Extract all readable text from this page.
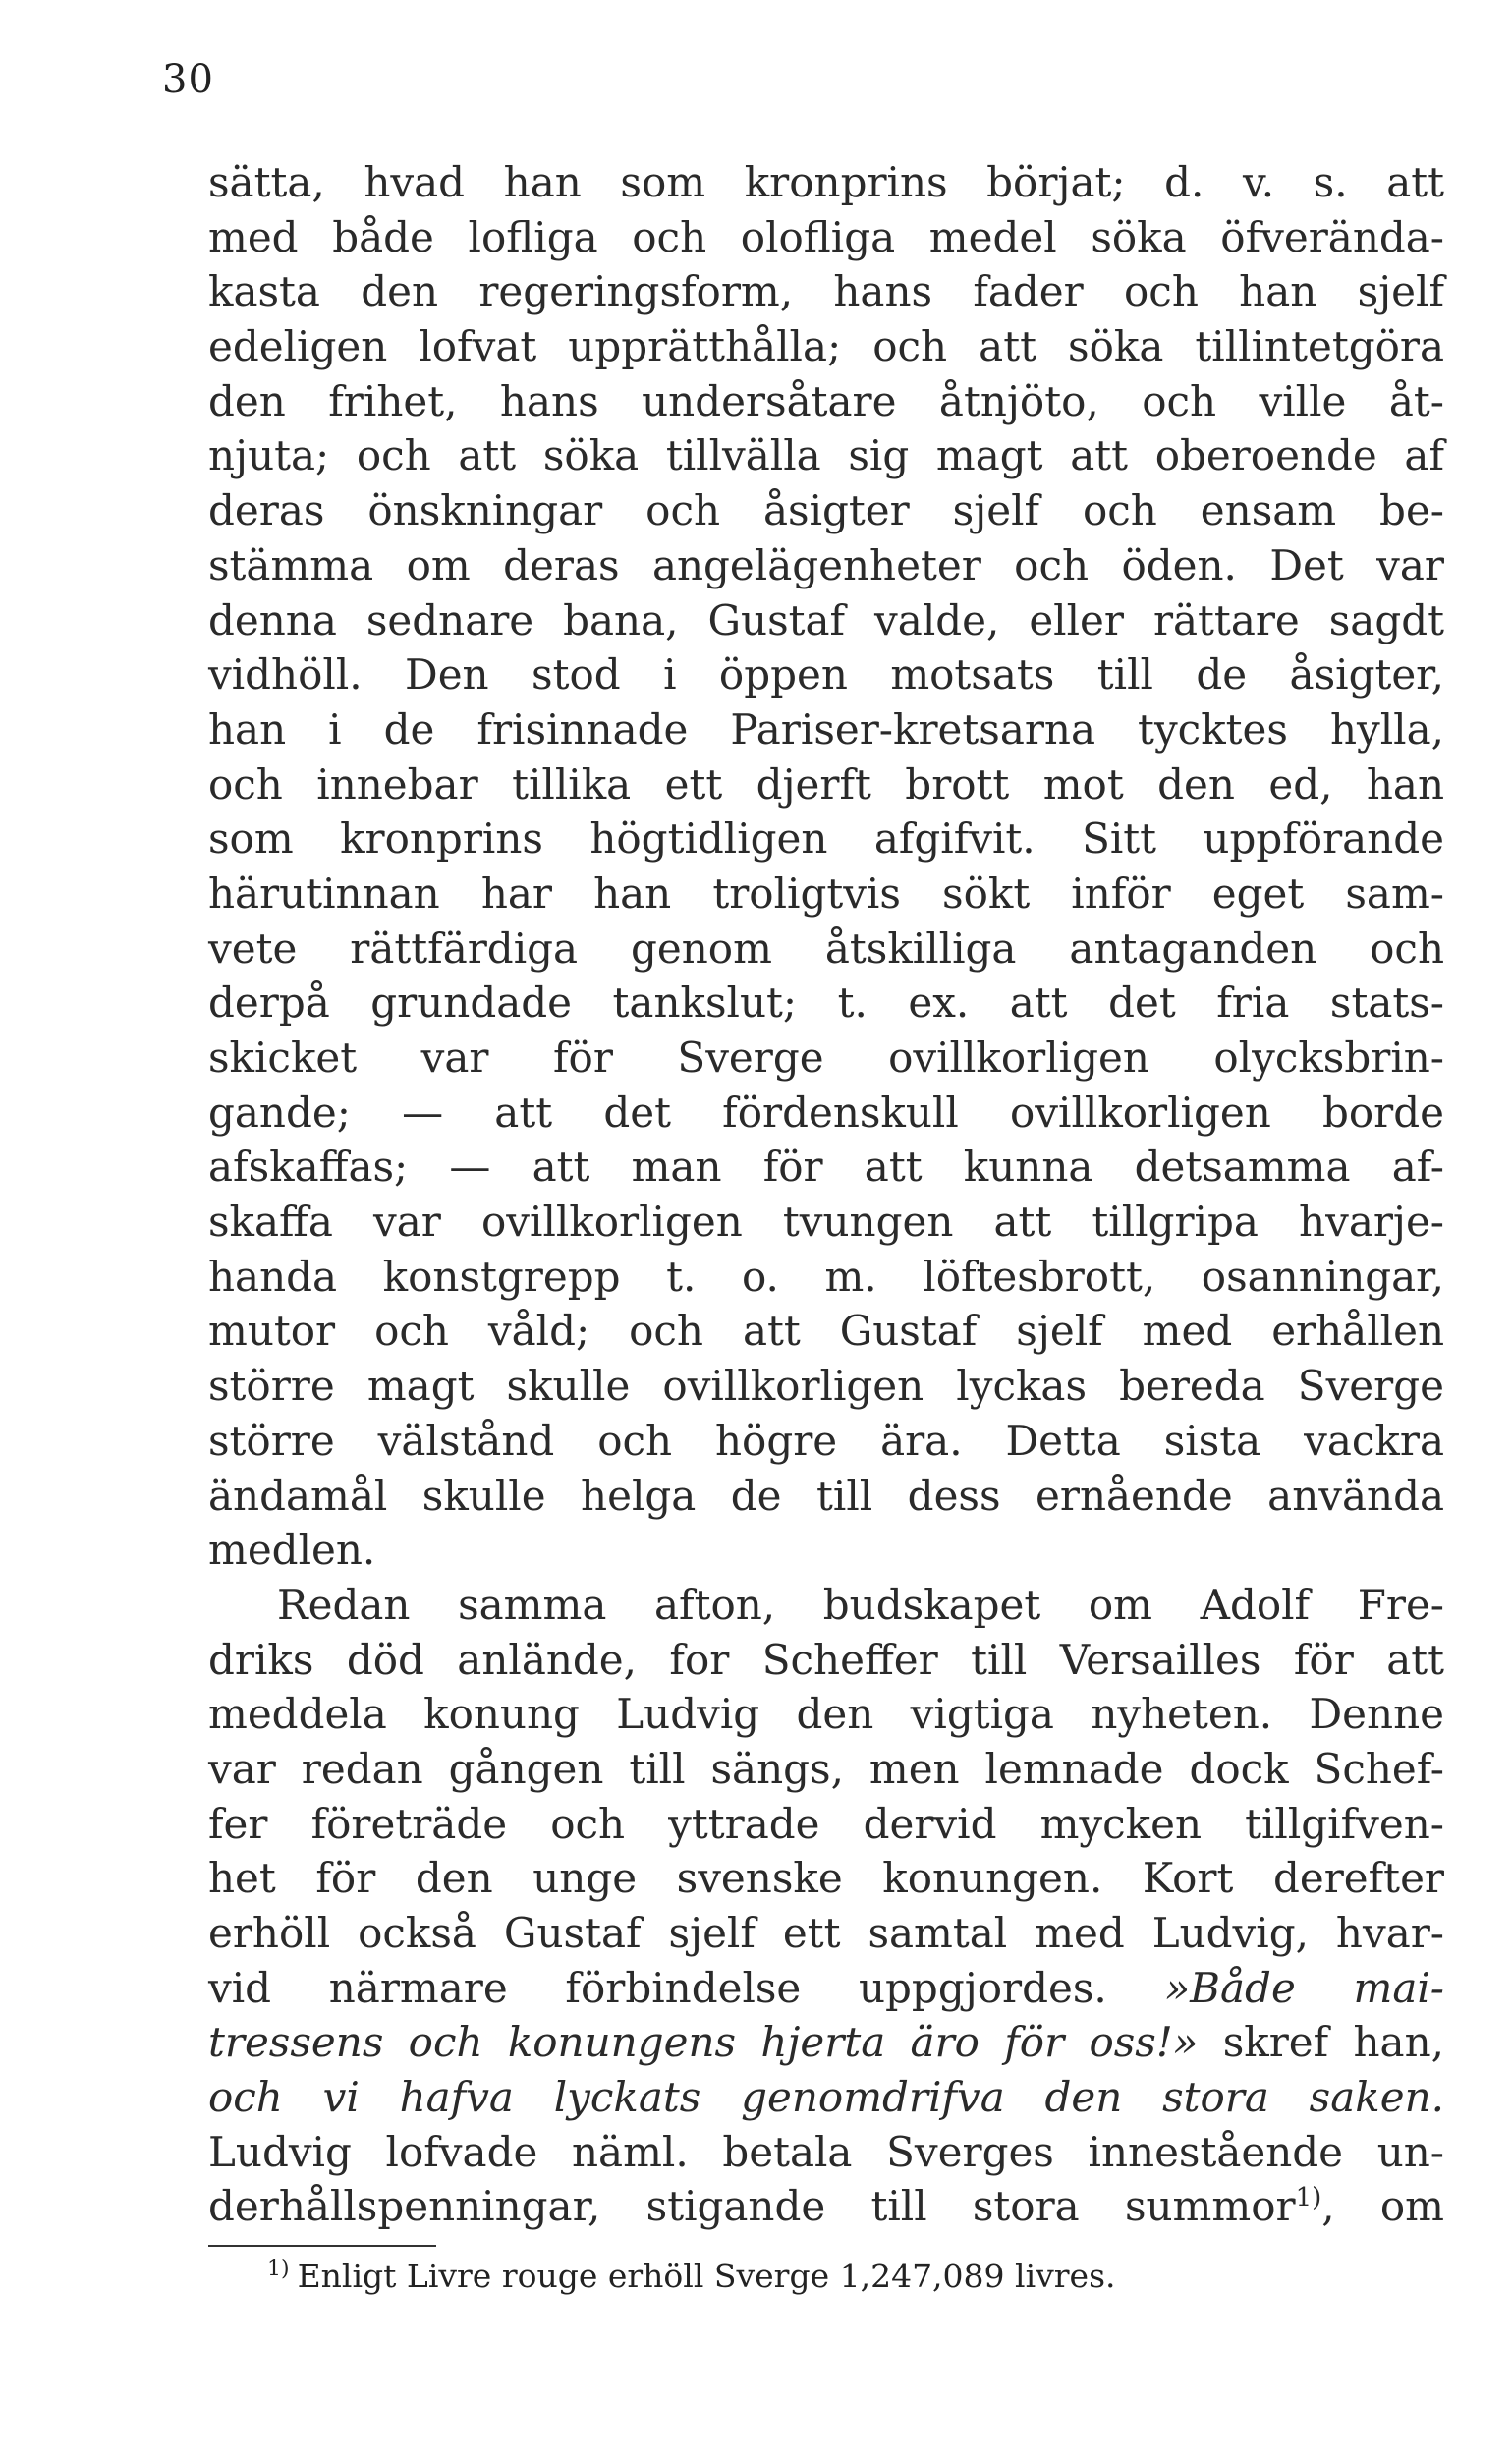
30
sätta, hvad han som kronprins börjat; d. v. s. att
med både lofliga och olofliga medel söka öfverända-
kasta den regeringsform, hans fader och han sjelf
edeligen lofvat upprätthålla; och att söka tillintetgöra
den frihet, hans undersåtare åtnjöto, och ville åt-
njuta; och att söka tillvälla sig magt att oberoende af
deras önskningar och åsigter sjelf och ensam be-
stämma om deras angelägenheter och öden. Det var
denna sednare bana, Gustaf valde, eller rättare sagdt
vidhöll. Den stod i öppen motsats till de åsigter,
han i de frisinnade Pariser-kretsarna tycktes hylla,
och innebar tillika ett djerft brott mot den ed, han
som kronprins högtidligen afgifvit. Sitt uppförande
härutinnan har han troligtvis sökt inför eget sam-
vete rättfärdiga genom åtskilliga antaganden och
derpå grundade tankslut; t. ex. att det fria stats-
skicket var för Sverge ovillkorligen olycksbrin-
gande; — att det fördenskull ovillkorligen borde
afskaffas; — att man för att kunna detsamma af-
skaffa var ovillkorligen tvungen att tillgripa hvarje-
handa konstgrepp t. o. m. löftesbrott, osanningar,
mutor och våld; och att Gustaf sjelf med erhållen
större magt skulle ovillkorligen lyckas bereda Sverge
större välstånd och högre ära. Detta sista vackra
ändamål skulle helga de till dess ernående använda
medlen.
Redan samma afton, budskapet om Adolf Fre-
driks död anlände, for Scheffer till Versailles för att
meddela konung Ludvig den vigtiga nyheten. Denne
var redan gången till sängs, men lemnade dock Schef-
fer företräde och yttrade dervid mycken tillgifven-
het för den unge svenske konungen. Kort derefter
erhöll också Gustaf sjelf ett samtal med Ludvig, hvar-
vid närmare förbindelse uppgjordes. »Både mai-
tressens och konungens hjerta äro för oss!» skref han,
och vi hafva lyckats genomdrifva den stora saken.
Ludvig lofvade näml. betala Sverges innestående un-
derhållspenningar, stigande till stora summor$^{1)}$, om
$^{1)}$ Enligt Livre rouge erhöll Sverge 1,247,089 livres.
